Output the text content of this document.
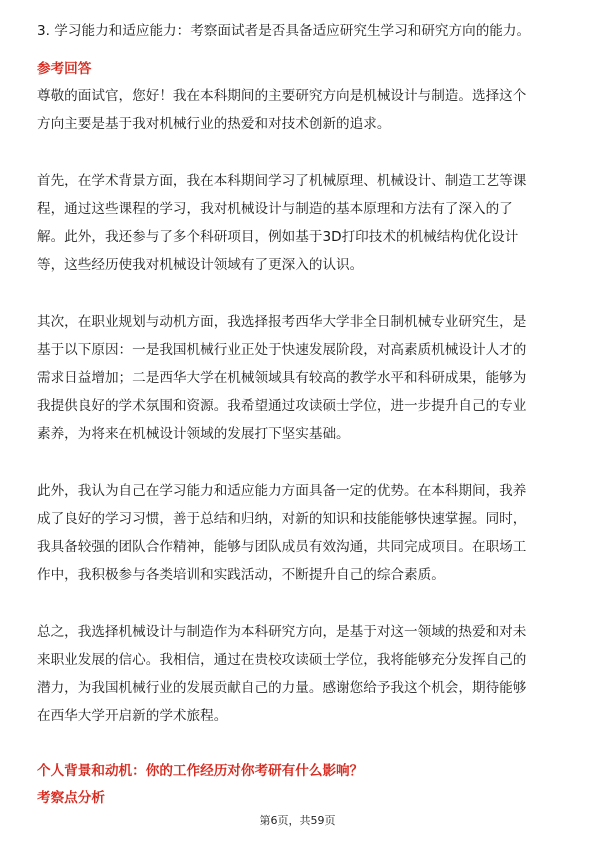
3. 学习能力和适应能力：考察面试者是否具备适应研究生学习和研究方向的能力。
参考回答
尊敬的面试官，您好！我在本科期间的主要研究方向是机械设计与制造。选择这个
方向主要是基于我对机械行业的热爱和对技术创新的追求。
首先，在学术背景方面，我在本科期间学习了机械原理、机械设计、制造工艺等课
程，通过这些课程的学习，我对机械设计与制造的基本原理和方法有了深入的了
解。此外，我还参与了多个科研项目，例如基于3D打印技术的机械结构优化设计
等，这些经历使我对机械设计领域有了更深入的认识。
其次，在职业规划与动机方面，我选择报考西华大学非全日制机械专业研究生，是
基于以下原因：一是我国机械行业正处于快速发展阶段，对高素质机械设计人才的
需求日益增加；二是西华大学在机械领域具有较高的教学水平和科研成果，能够为
我提供良好的学术氛围和资源。我希望通过攻读硕士学位，进一步提升自己的专业
素养，为将来在机械设计领域的发展打下坚实基础。
此外，我认为自己在学习能力和适应能力方面具备一定的优势。在本科期间，我养
成了良好的学习习惯，善于总结和归纳，对新的知识和技能能够快速掌握。同时，
我具备较强的团队合作精神，能够与团队成员有效沟通，共同完成项目。在职场工
作中，我积极参与各类培训和实践活动，不断提升自己的综合素质。
总之，我选择机械设计与制造作为本科研究方向，是基于对这一领域的热爱和对未
来职业发展的信心。我相信，通过在贵校攻读硕士学位，我将能够充分发挥自己的
潜力，为我国机械行业的发展贡献自己的力量。感谢您给予我这个机会，期待能够
在西华大学开启新的学术旅程。
个人背景和动机：你的工作经历对你考研有什么影响？
考察点分析
第6页，共59页
